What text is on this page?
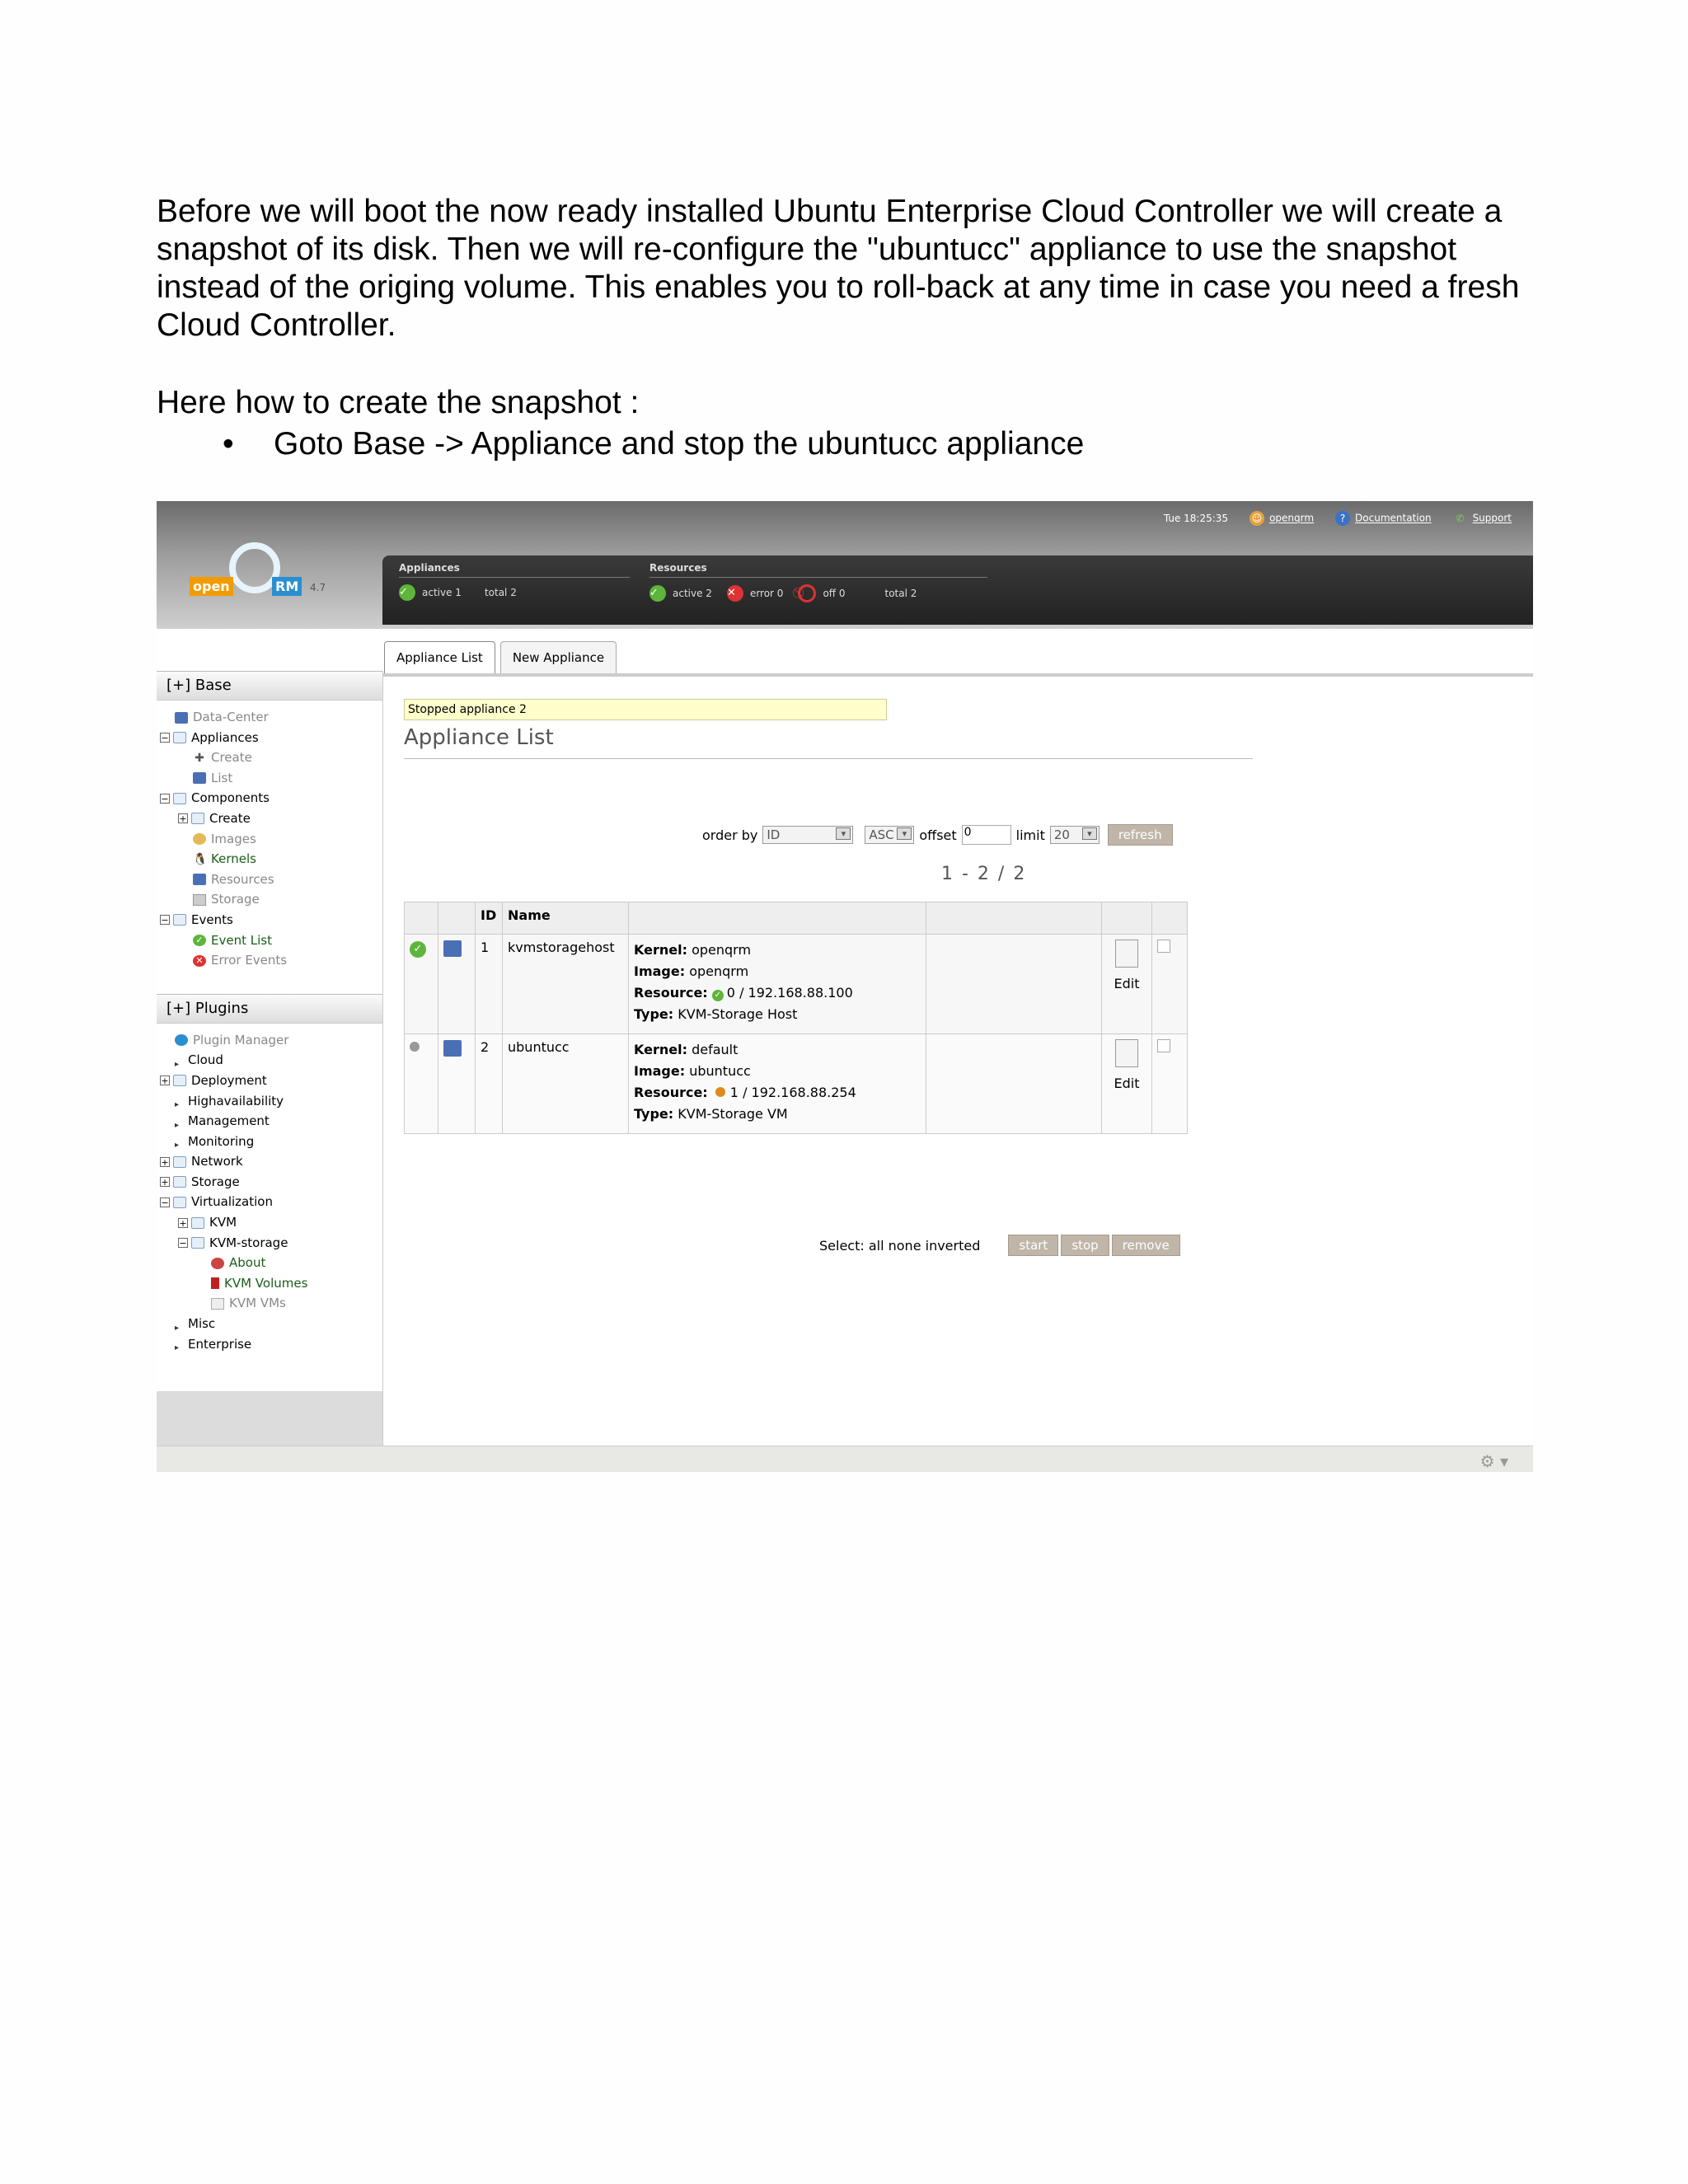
Before we will boot the now ready installed Ubuntu Enterprise Cloud Controller we will create a snapshot of its disk. Then we will re-configure the "ubuntucc" appliance to use the snapshot instead of the origing volume. This enables you to roll-back at any time in case you need a fresh Cloud Controller.

Here how to create the snapshot :
• Goto Base -> Appliance and stop the ubuntucc appliance
Tue 18:25:35 ☺ openqrm	? Documentation	✆ Support
open	RM	4.7
Appliances
✓	active 1 total 2
Resources
✓	active 2 ✕	error 0	off 0	total 2
Appliance List	New Appliance
[+] Base
Data-Center
− Appliances
✚ Create
List
− Components
+ Create
Images
🐧 Kernels
Resources
Storage
− Events
✓ Event List
✕ Error Events
[+] Plugins
Plugin Manager
▸ Cloud
+ Deployment
▸ Highavailability
▸ Management
▸ Monitoring
+ Network
+ Storage
− Virtualization
+ KVM
− KVM-storage
About
KVM Volumes
KVM VMs
▸ Misc
▸ Enterprise
Stopped appliance 2
Appliance List
order by ID ▾	ASC ▾	offset 0	limit 20 ▾	refresh
1 - 2 / 2
		ID	Name				
✓		1	kvmstoragehost	Kernel: openqrm
Image: openqrm
Resource: ✓ 0 / 192.168.88.100
Type: KVM-Storage Host		Edit	

		2	ubuntucc	Kernel: default
Image: ubuntucc
Resource: 1 / 192.168.88.254
Type: KVM-Storage VM		Edit	

Select: all none inverted	start	stop	remove
⚙ ▾
